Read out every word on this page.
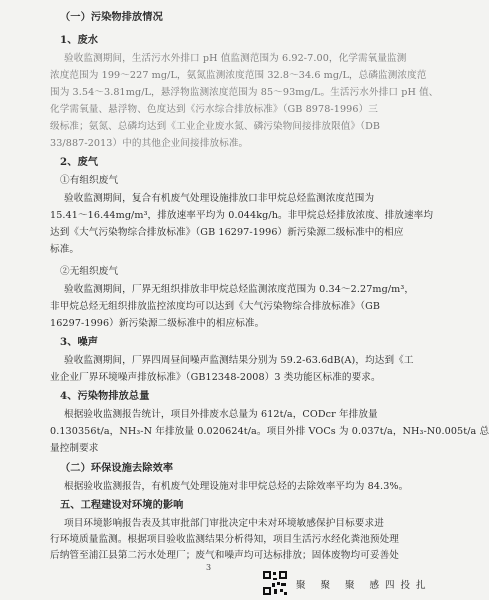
（一）污染物排放情况
1、废水
验收监测期间，生活污水外排口 pH 值监测范围为 6.92-7.00，化学需氧量监测
浓度范围为 199～227 mg/L，氨氮监测浓度范围 32.8～34.6 mg/L，总磷监测浓度范
围为 3.54～3.81mg/L，悬浮物监测浓度范围为 85～93mg/L。生活污水外排口 pH 值、
化学需氧量、悬浮物、色度达到《污水综合排放标准》（GB 8978-1996）三
级标准；氨氮、总磷均达到《工业企业废水氮、磷污染物间接排放限值》（DB
33/887-2013）中的其他企业间接排放标准。
2、废气
①有组织废气
验收监测期间，复合有机废气处理设施排放口非甲烷总烃监测浓度范围为
15.41～16.44mg/m³，排放速率平均为 0.044kg/h。非甲烷总烃排放浓度、排放速率均
达到《大气污染物综合排放标准》（GB 16297-1996）新污染源二级标准中的相应
标准。
②无组织废气
验收监测期间，厂界无组织排放非甲烷总烃监测浓度范围为 0.34～2.27mg/m³，
非甲烷总烃无组织排放监控浓度均可以达到《大气污染物综合排放标准》（GB
16297-1996）新污染源二级标准中的相应标准。
3、噪声
验收监测期间，厂界四周昼间噪声监测结果分别为 59.2-63.6dB(A)，均达到《工
业企业厂界环境噪声排放标准》（GB12348-2008）3 类功能区标准的要求。
4、污染物排放总量
根据验收监测报告统计，项目外排废水总量为 612t/a，CODcr 年排放量
0.130356t/a，NH₃-N 年排放量 0.020624t/a。项目外排 VOCs 为 0.037t/a，NH₃-N0.005t/a 总
量控制要求
（二）环保设施去除效率
根据验收监测报告，有机废气处理设施对非甲烷总烃的去除效率平均为 84.3%。
五、工程建设对环境的影响
项目环境影响报告表及其审批部门审批决定中未对环境敏感保护目标要求进
行环境质量监测。根据项目验收监测结果分析得知，项目生活污水经化粪池预处理
后纳管至浦江县第二污水处理厂；废气和噪声均可达标排放；固体废物均可妥善处
3
聚 聚 聚 感四投扎
